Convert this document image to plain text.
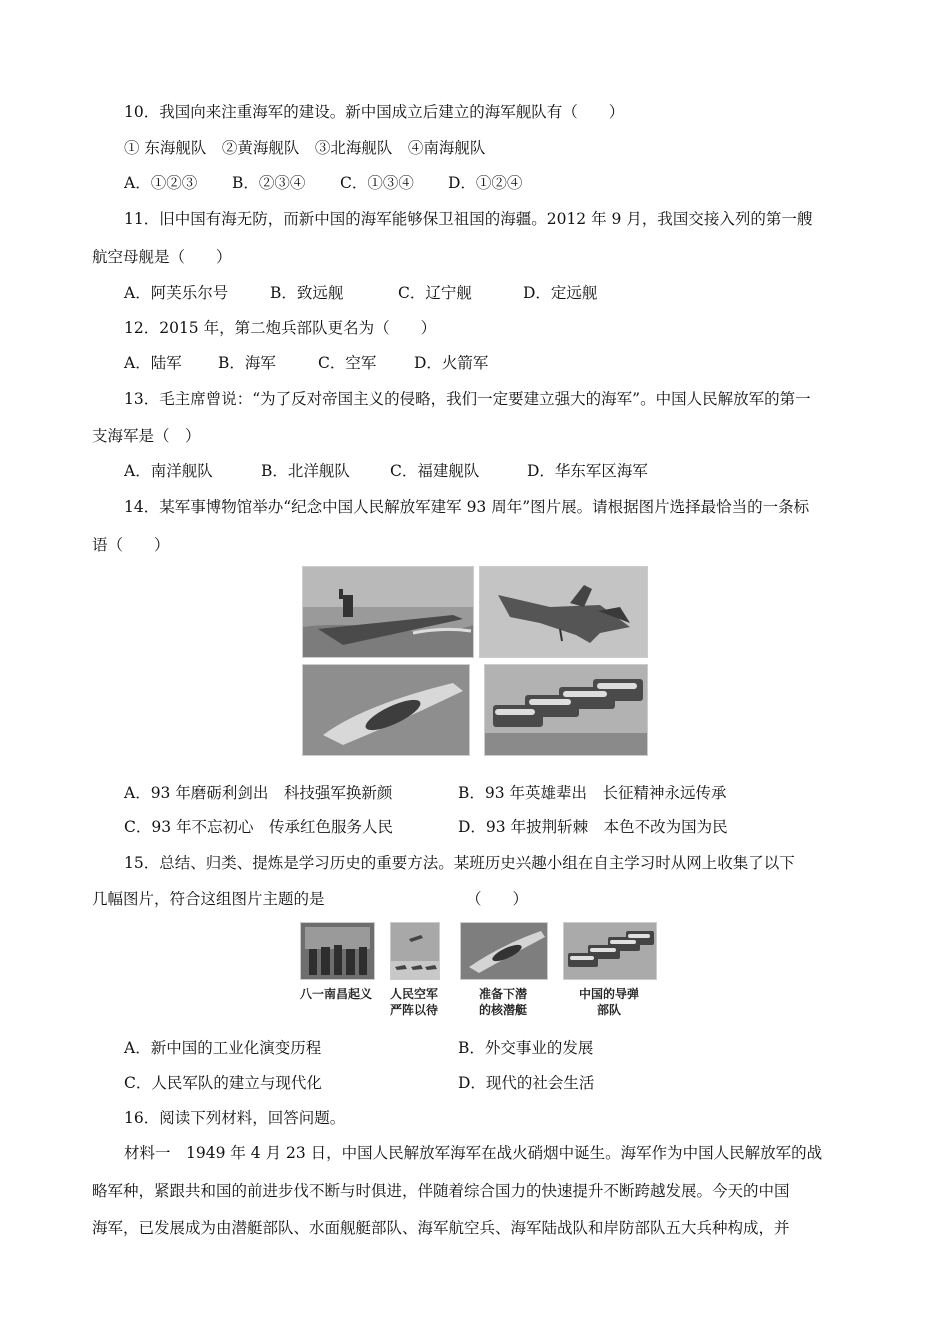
10．我国向来注重海军的建设。新中国成立后建立的海军舰队有（　　）
① 东海舰队　②黄海舰队　③北海舰队　④南海舰队
A．①②③ B．②③④ C．①③④ D．①②④
11．旧中国有海无防，而新中国的海军能够保卫祖国的海疆。2012 年 9 月，我国交接入列的第一艘
航空母舰是（　　）
A．阿芙乐尔号	B．致远舰	C．辽宁舰	D．定远舰
12．2015 年，第二炮兵部队更名为（　　）
A．陆军 B．海军	C．空军 D．火箭军
13．毛主席曾说：“为了反对帝国主义的侵略，我们一定要建立强大的海军”。中国人民解放军的第一
支海军是（　）
A．南洋舰队	B．北洋舰队	C．福建舰队	D．华东军区海军
14．某军事博物馆举办“纪念中国人民解放军建军 93 周年”图片展。请根据图片选择最恰当的一条标
语（　　）
A．93 年磨砺利剑出　科技强军换新颜	B．93 年英雄辈出　长征精神永远传承
C．93 年不忘初心　传承红色服务人民	D．93 年披荆斩棘　本色不改为国为民
15．总结、归类、提炼是学习历史的重要方法。某班历史兴趣小组在自主学习时从网上收集了以下
几幅图片，符合这组图片主题的是	（　　）
八一南昌起义	人民空军
严阵以待
准备下潜
的核潜艇
中国的导弹
部队
A．新中国的工业化演变历程	B．外交事业的发展
C．人民军队的建立与现代化	D．现代的社会生活
16．阅读下列材料，回答问题。
材料一　1949 年 4 月 23 日，中国人民解放军海军在战火硝烟中诞生。海军作为中国人民解放军的战
略军种，紧跟共和国的前进步伐不断与时俱进，伴随着综合国力的快速提升不断跨越发展。今天的中国
海军，已发展成为由潜艇部队、水面舰艇部队、海军航空兵、海军陆战队和岸防部队五大兵种构成，并
